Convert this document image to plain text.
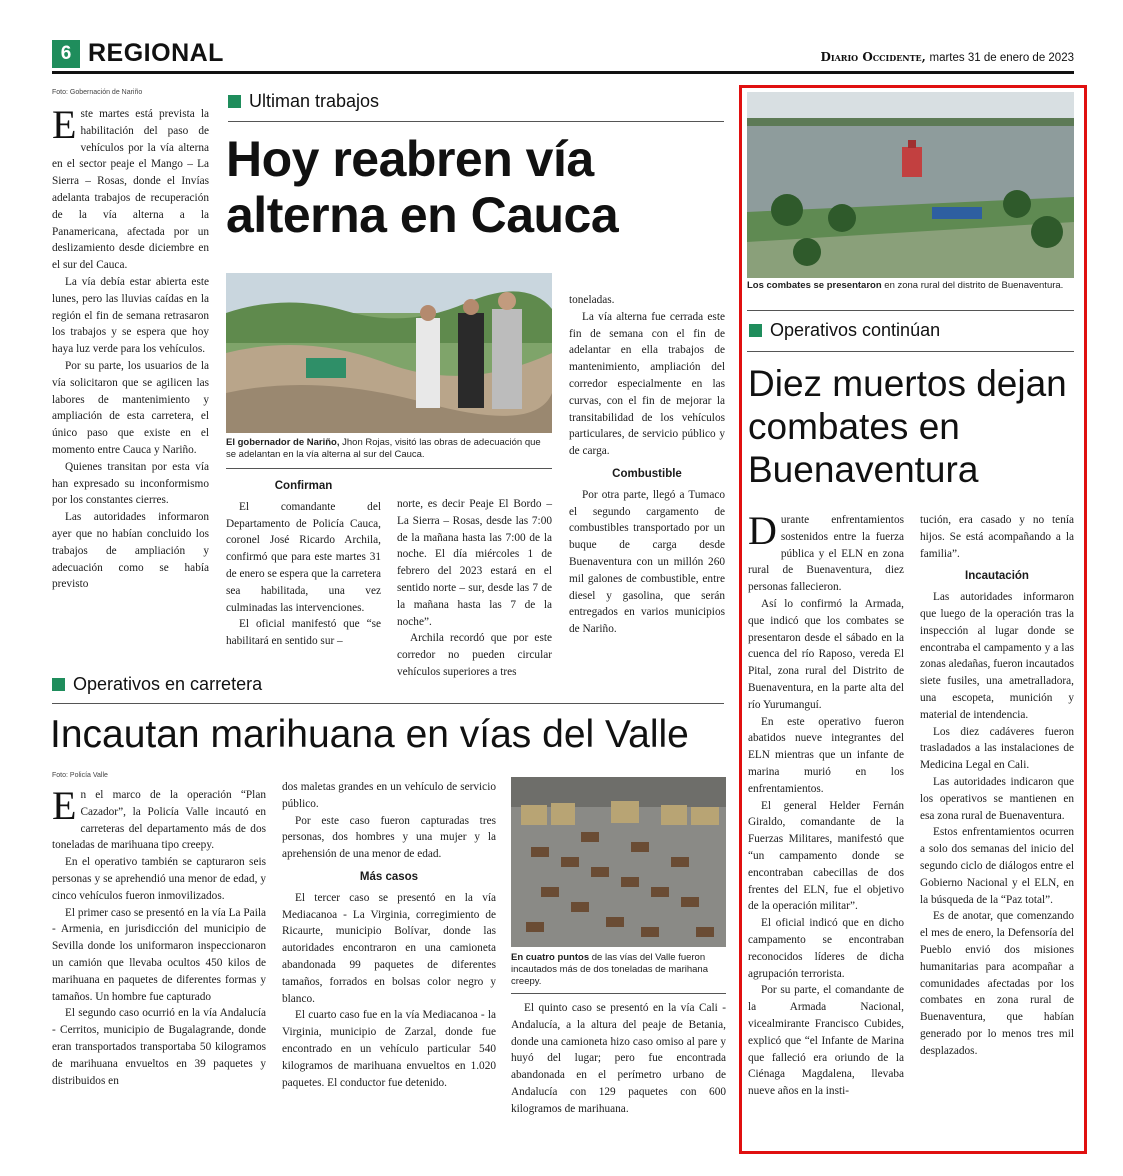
6 REGIONAL	Diario Occidente, martes 31 de enero de 2023
Foto: Gobernación de Nariño	Ultiman trabajos
Hoy reabren vía alterna en Cauca

Este martes está prevista la habilitación del paso de vehículos por la vía alterna en el sector peaje el Mango – La Sierra – Rosas, donde el Invías adelanta trabajos de recuperación de la vía alterna a la Panamericana, afectada por un deslizamiento desde diciembre en el sur del Cauca.

La vía debía estar abierta este lunes, pero las lluvias caídas en la región el fin de semana retrasaron los trabajos y se espera que hoy haya luz verde para los vehículos.

Por su parte, los usuarios de la vía solicitaron que se agilicen las labores de mantenimiento y ampliación de esta carretera, el único paso que existe en el momento entre Cauca y Nariño.

Quienes transitan por esta vía han expresado su inconformismo por los constantes cierres.

Las autoridades informaron ayer que no habían concluido los trabajos de ampliación y adecuación como se había previsto

El gobernador de Nariño, Jhon Rojas, visitó las obras de adecuación que se adelantan en la vía alterna al sur del Cauca.
Confirman

El comandante del Departamento de Policía Cauca, coronel José Ricardo Archila, confirmó que para este martes 31 de enero se espera que la carretera sea habilitada, una vez culminadas las intervenciones.

El oficial manifestó que “se habilitará en sentido sur –

norte, es decir Peaje El Bordo – La Sierra – Rosas, desde las 7:00 de la mañana hasta las 7:00 de la noche. El día miércoles 1 de febrero del 2023 estará en el sentido norte – sur, desde las 7 de la mañana hasta las 7 de la noche”.

Archila recordó que por este corredor no pueden circular vehículos superiores a tres

toneladas.

La vía alterna fue cerrada este fin de semana con el fin de adelantar en ella trabajos de mantenimiento, ampliación del corredor especialmente en las curvas, con el fin de mejorar la transitabilidad de los vehículos particulares, de servicio público y de carga.

Combustible

Por otra parte, llegó a Tumaco el segundo cargamento de combustibles transportado por un buque de carga desde Buenaventura con un millón 260 mil galones de combustible, entre diesel y gasolina, que serán entregados en varios municipios de Nariño.

Operativos en carretera
Incautan marihuana en vías del Valle
Foto: Policía Valle

En el marco de la operación “Plan Cazador”, la Policía Valle incautó en carreteras del departamento más de dos toneladas de marihuana tipo creepy.

En el operativo también se capturaron seis personas y se aprehendió una menor de edad, y cinco vehículos fueron inmovilizados.

El primer caso se presentó en la vía La Paila - Armenia, en jurisdicción del municipio de Sevilla donde los uniformaron inspeccionaron un camión que llevaba ocultos 450 kilos de marihuana en paquetes de diferentes formas y tamaños. Un hombre fue capturado

El segundo caso ocurrió en la vía Andalucía - Cerritos, municipio de Bugalagrande, donde eran transportados transportaba 50 kilogramos de marihuana envueltos en 39 paquetes y distribuidos en

dos maletas grandes en un vehículo de servicio público.

Por este caso fueron capturadas tres personas, dos hombres y una mujer y la aprehensión de una menor de edad.

Más casos

El tercer caso se presentó en la vía Mediacanoa - La Virginia, corregimiento de Ricaurte, municipio Bolívar, donde las autoridades encontraron en una camioneta abandonada 99 paquetes de diferentes tamaños, forrados en bolsas color negro y blanco.

El cuarto caso fue en la vía Mediacanoa - la Virginia, municipio de Zarzal, donde fue encontrado en un vehículo particular 540 kilogramos de marihuana envueltos en 1.020 paquetes. El conductor fue detenido.

En cuatro puntos de las vías del Valle fueron incautados más de dos toneladas de marihana creepy.

El quinto caso se presentó en la vía Cali - Andalucía, a la altura del peaje de Betania, donde una camioneta hizo caso omiso al pare y huyó del lugar; pero fue encontrada abandonada en el perímetro urbano de Andalucía con 129 paquetes con 600 kilogramos de marihuana.

Los combates se presentaron en zona rural del distrito de Buenaventura.
Operativos continúan
Diez muertos dejan combates en Buenaventura

Durante enfrentamientos sostenidos entre la fuerza pública y el ELN en zona rural de Buenaventura, diez personas fallecieron.

Así lo confirmó la Armada, que indicó que los combates se presentaron desde el sábado en la cuenca del río Raposo, vereda El Pital, zona rural del Distrito de Buenaventura, en la parte alta del río Yurumanguí.

En este operativo fueron abatidos nueve integrantes del ELN mientras que un infante de marina murió en los enfrentamientos.

El general Helder Fernán Giraldo, comandante de la Fuerzas Militares, manifestó que “un campamento donde se encontraban cabecillas de dos frentes del ELN, fue el objetivo de la operación militar”.

El oficial indicó que en dicho campamento se encontraban reconocidos líderes de dicha agrupación terrorista.

Por su parte, el comandante de la Armada Nacional, vicealmirante Francisco Cubides, explicó que “el Infante de Marina que falleció era oriundo de la Ciénaga Magdalena, llevaba nueve años en la insti-

tución, era casado y no tenía hijos. Se está acompañando a la familia”.

Incautación

Las autoridades informaron que luego de la operación tras la inspección al lugar donde se encontraba el campamento y a las zonas aledañas, fueron incautados siete fusiles, una ametralladora, una escopeta, munición y material de intendencia.

Los diez cadáveres fueron trasladados a las instalaciones de Medicina Legal en Cali.

Las autoridades indicaron que los operativos se mantienen en esa zona rural de Buenaventura.

Estos enfrentamientos ocurren a solo dos semanas del inicio del segundo ciclo de diálogos entre el Gobierno Nacional y el ELN, en la búsqueda de la “Paz total”.

Es de anotar, que comenzando el mes de enero, la Defensoría del Pueblo envió dos misiones humanitarias para acompañar a comunidades afectadas por los combates en zona rural de Buenaventura, que habían generado por lo menos tres mil desplazados.
